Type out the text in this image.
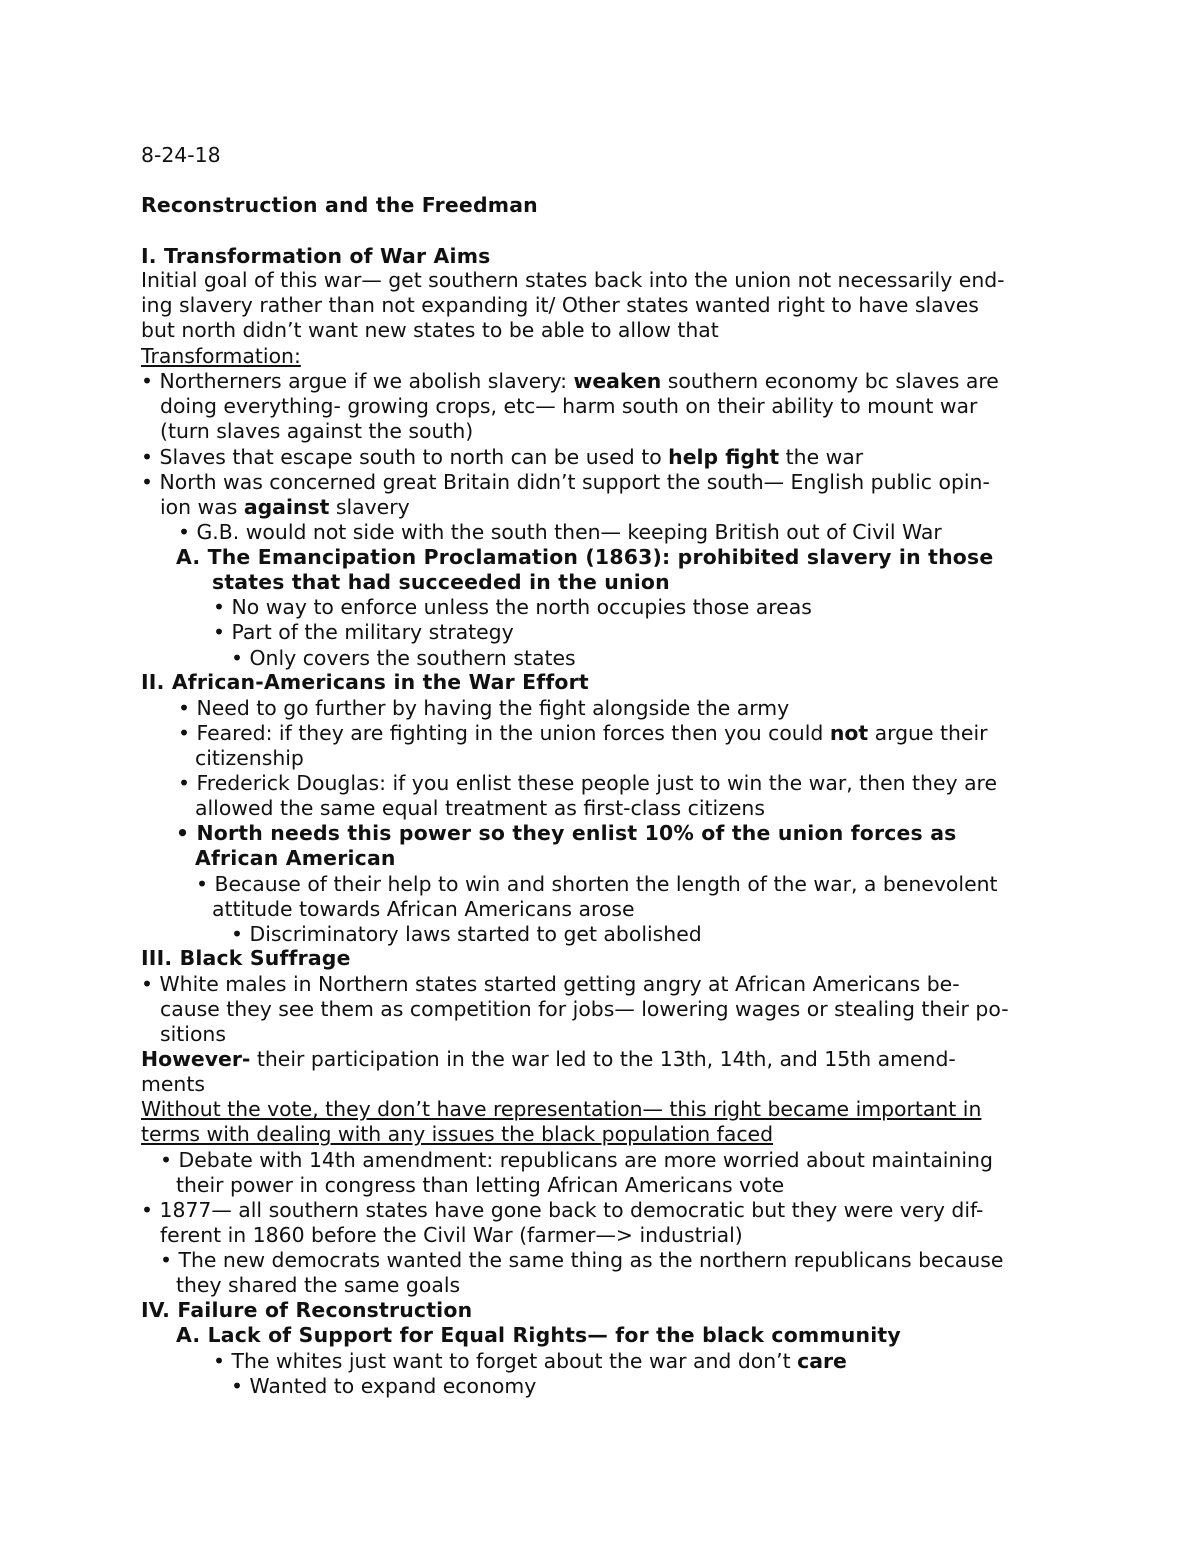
8-24-18
Reconstruction and the Freedman
I. Transformation of War Aims
Initial goal of this war— get southern states back into the union not necessarily end-
ing slavery rather than not expanding it/ Other states wanted right to have slaves
but north didn’t want new states to be able to allow that
Transformation:
• Northerners argue if we abolish slavery: weaken southern economy bc slaves are
doing everything- growing crops, etc— harm south on their ability to mount war
(turn slaves against the south)
• Slaves that escape south to north can be used to help fight the war
• North was concerned great Britain didn’t support the south— English public opin-
ion was against slavery
• G.B. would not side with the south then— keeping British out of Civil War
A. The Emancipation Proclamation (1863): prohibited slavery in those
states that had succeeded in the union
• No way to enforce unless the north occupies those areas
• Part of the military strategy
• Only covers the southern states
II. African-Americans in the War Effort
• Need to go further by having the fight alongside the army
• Feared: if they are fighting in the union forces then you could not argue their
citizenship
• Frederick Douglas: if you enlist these people just to win the war, then they are
allowed the same equal treatment as first-class citizens
• North needs this power so they enlist 10% of the union forces as
African American
• Because of their help to win and shorten the length of the war, a benevolent
attitude towards African Americans arose
• Discriminatory laws started to get abolished
III. Black Suffrage
• White males in Northern states started getting angry at African Americans be-
cause they see them as competition for jobs— lowering wages or stealing their po-
sitions
However- their participation in the war led to the 13th, 14th, and 15th amend-
ments
Without the vote, they don’t have representation— this right became important in
terms with dealing with any issues the black population faced
• Debate with 14th amendment: republicans are more worried about maintaining
their power in congress than letting African Americans vote
• 1877— all southern states have gone back to democratic but they were very dif-
ferent in 1860 before the Civil War (farmer—> industrial)
• The new democrats wanted the same thing as the northern republicans because
they shared the same goals
IV. Failure of Reconstruction
A. Lack of Support for Equal Rights— for the black community
• The whites just want to forget about the war and don’t care
• Wanted to expand economy
